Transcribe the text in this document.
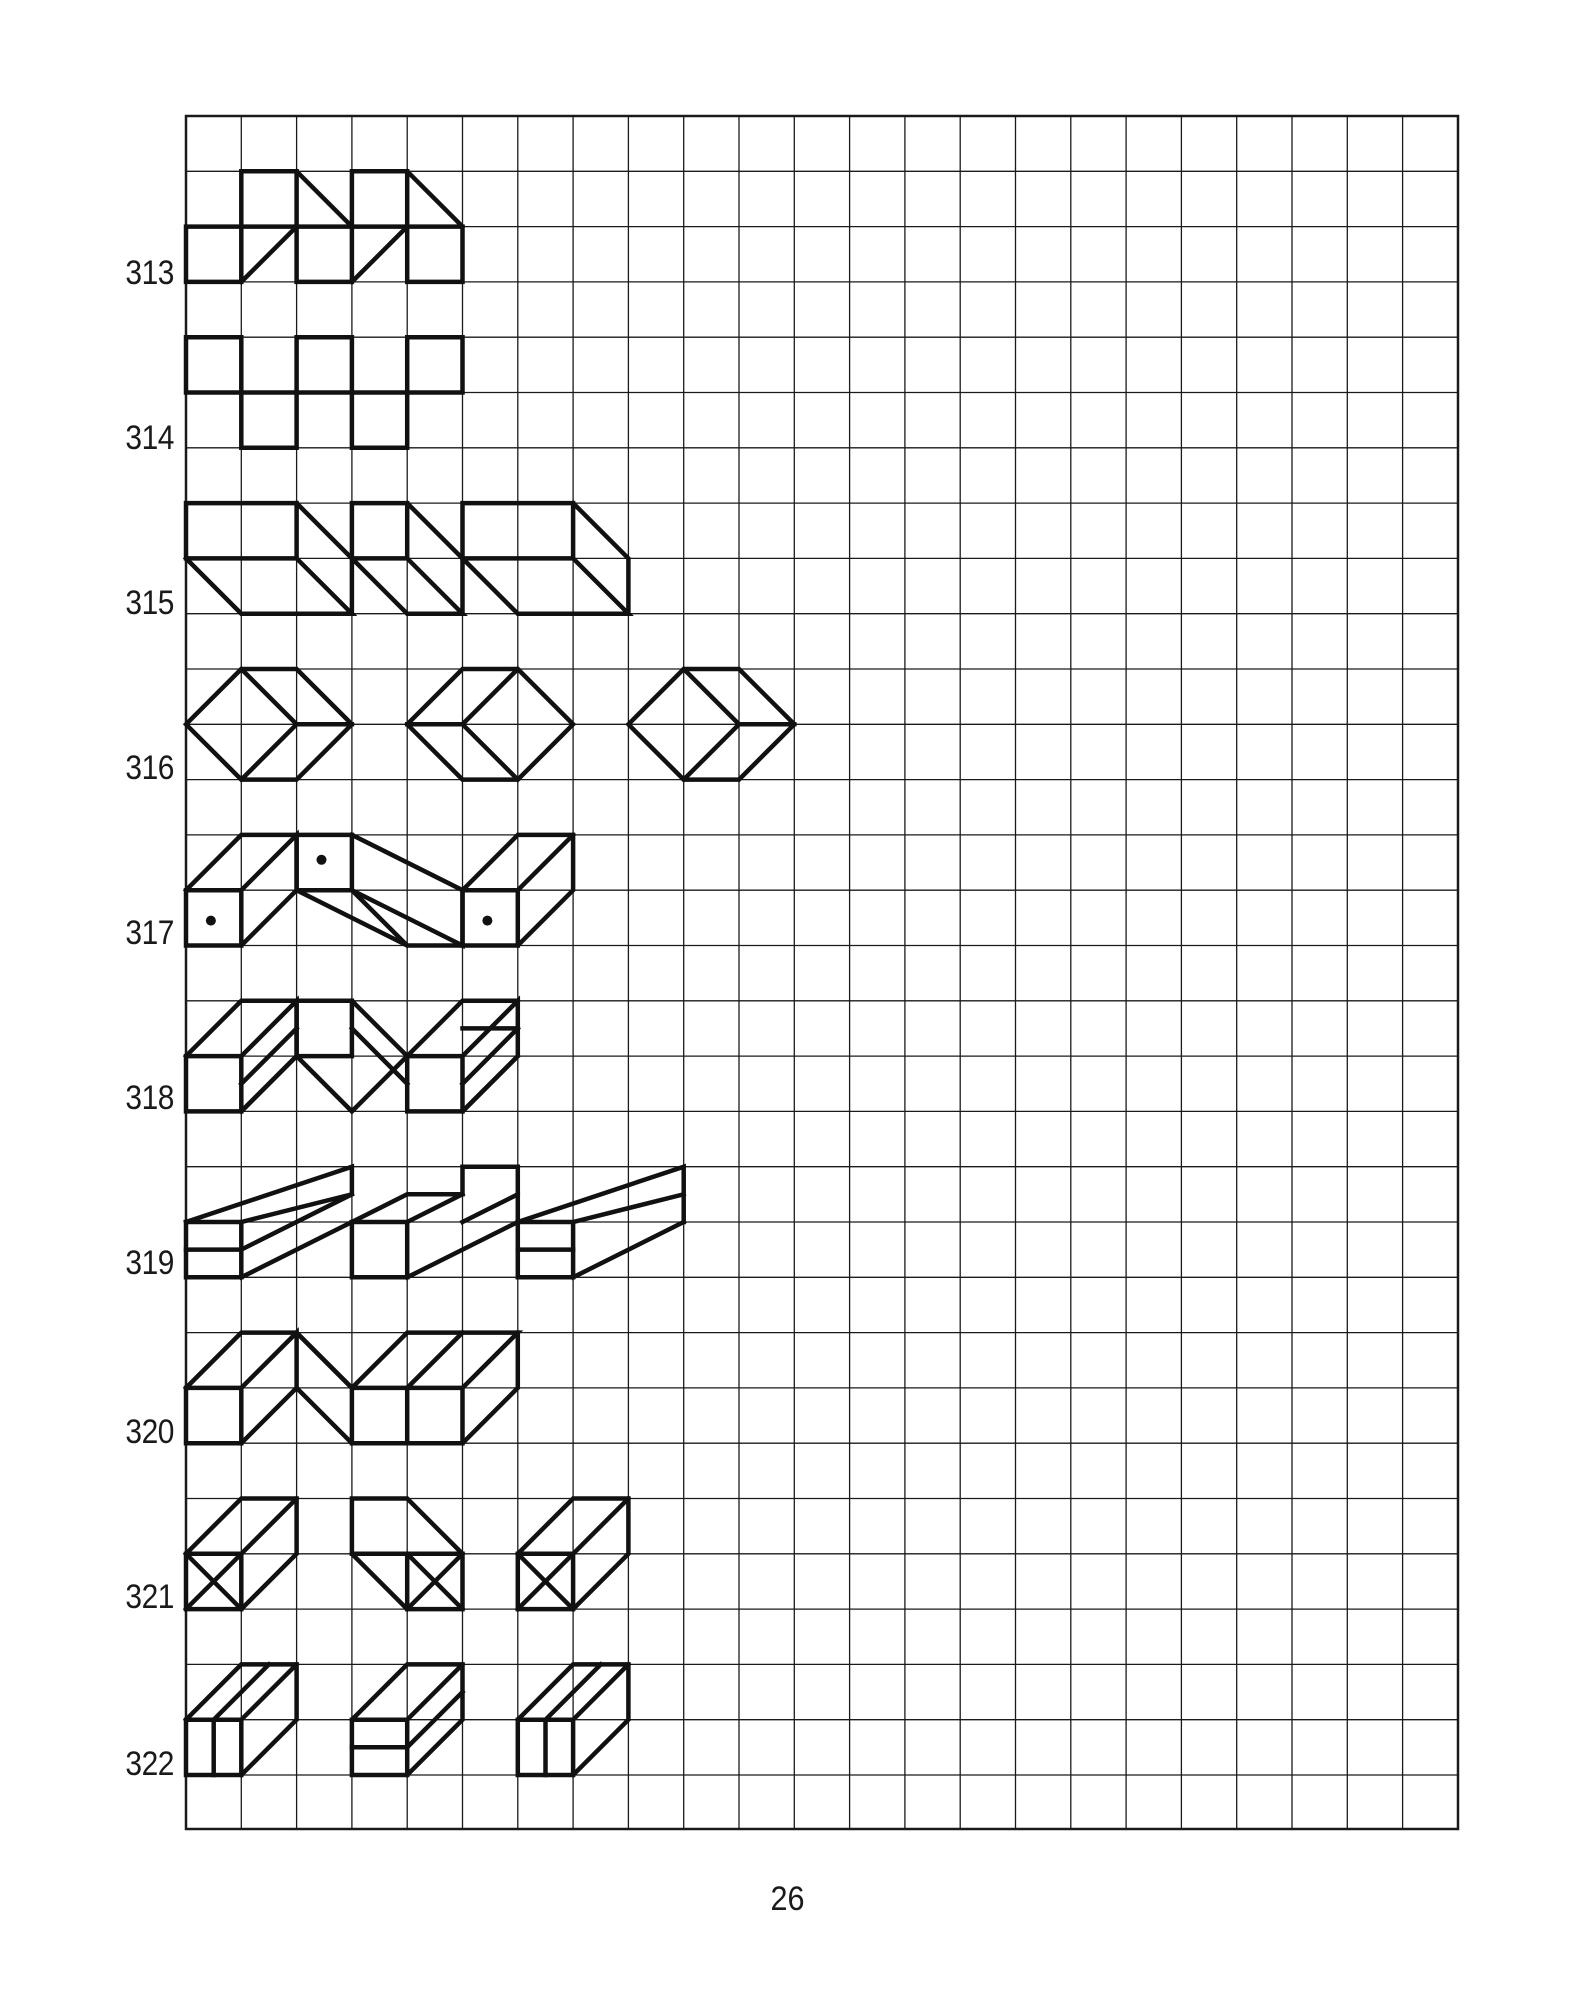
313
314
315
316
317
318
319
320
321
322
26
